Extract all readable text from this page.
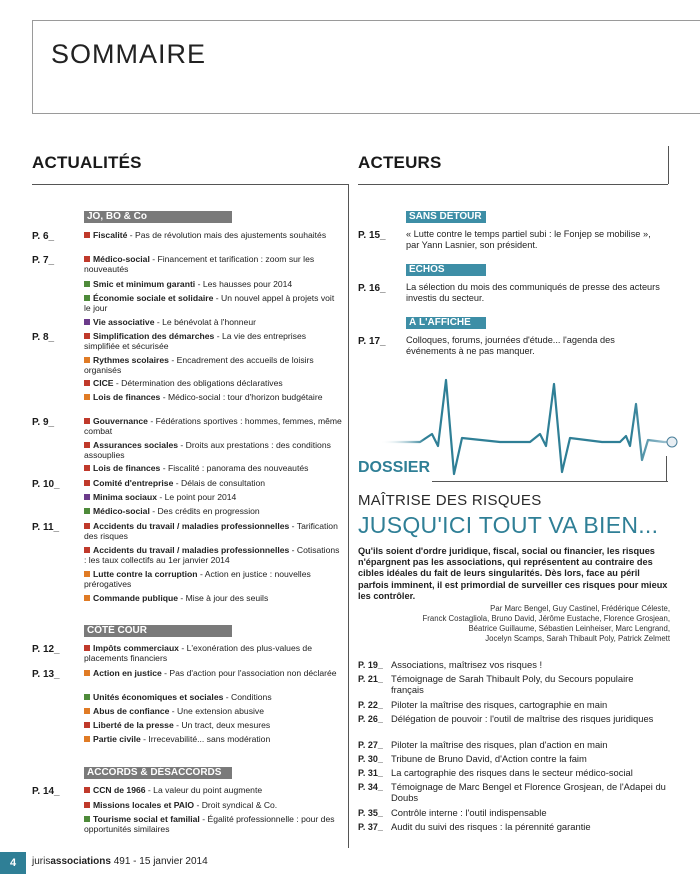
SOMMAIRE
ACTUALITÉS	ACTEURS
JO, BO & Co
CÔTÉ COUR
ACCORDS & DÉSACCORDS
P. 6_	Fiscalité - Pas de révolution mais des ajustements souhaités
P. 7_	Médico-social - Financement et tarification : zoom sur les nouveautés
Smic et minimum garanti - Les hausses pour 2014
Économie sociale et solidaire - Un nouvel appel à projets voit le jour
Vie associative - Le bénévolat à l'honneur
P. 8_	Simplification des démarches - La vie des entreprises simplifiée et sécurisée
Rythmes scolaires - Encadrement des accueils de loisirs organisés
CICE - Détermination des obligations déclaratives
Lois de finances - Médico-social : tour d'horizon budgétaire
P. 9_	Gouvernance - Fédérations sportives : hommes, femmes, même combat
Assurances sociales - Droits aux prestations : des conditions assouplies
Lois de finances - Fiscalité : panorama des nouveautés
P. 10_	Comité d'entreprise - Délais de consultation
Minima sociaux - Le point pour 2014
Médico-social - Des crédits en progression
P. 11_	Accidents du travail / maladies professionnelles - Tarification des risques
Accidents du travail / maladies professionnelles - Cotisations : les taux collectifs au 1er janvier 2014
Lutte contre la corruption - Action en justice : nouvelles prérogatives
Commande publique - Mise à jour des seuils
P. 12_	Impôts commerciaux - L'exonération des plus-values de placements financiers
P. 13_	Action en justice - Pas d'action pour l'association non déclarée
Unités économiques et sociales - Conditions
Abus de confiance - Une extension abusive
Liberté de la presse - Un tract, deux mesures
Partie civile - Irrecevabilité... sans modération
P. 14_	CCN de 1966 - La valeur du point augmente
Missions locales et PAIO - Droit syndical & Co.
Tourisme social et familial - Égalité professionnelle : pour des opportunités similaires
SANS DÉTOUR
P. 15_ « Lutte contre le temps partiel subi : le Fonjep se mobilise », par Yann Lasnier, son président.
ÉCHOS
P. 16_ La sélection du mois des communiqués de presse des acteurs investis du secteur.
À L'AFFICHE
P. 17_ Colloques, forums, journées d'étude... l'agenda des événements à ne pas manquer.
DOSSIER
MAÎTRISE DES RISQUES
JUSQU'ICI TOUT VA BIEN...
Qu'ils soient d'ordre juridique, fiscal, social ou financier, les risques n'épargnent pas les associations, qui représentent au contraire des cibles idéales du fait de leurs singularités. Dès lors, face au péril parfois imminent, il est primordial de surveiller ces risques pour mieux les contrôler.
Par Marc Bengel, Guy Castinel, Frédérique Céleste,
Franck Costagliola, Bruno David, Jérôme Eustache, Florence Grosjean,
Béatrice Guillaume, Sébastien Leinheiser, Marc Lengrand,
Jocelyn Scamps, Sarah Thibault Poly, Patrick Zelmett
P. 19_ Associations, maîtrisez vos risques !
P. 21_ Témoignage de Sarah Thibault Poly, du Secours populaire français
P. 22_ Piloter la maîtrise des risques, cartographie en main
P. 26_ Délégation de pouvoir : l'outil de maîtrise des risques juridiques
P. 27_ Piloter la maîtrise des risques, plan d'action en main
P. 30_ Tribune de Bruno David, d'Action contre la faim
P. 31_ La cartographie des risques dans le secteur médico-social
P. 34_ Témoignage de Marc Bengel et Florence Grosjean, de l'Adapei du Doubs
P. 35_ Contrôle interne : l'outil indispensable
P. 37_ Audit du suivi des risques : la pérennité garantie
4	jurisassociations 491 - 15 janvier 2014
